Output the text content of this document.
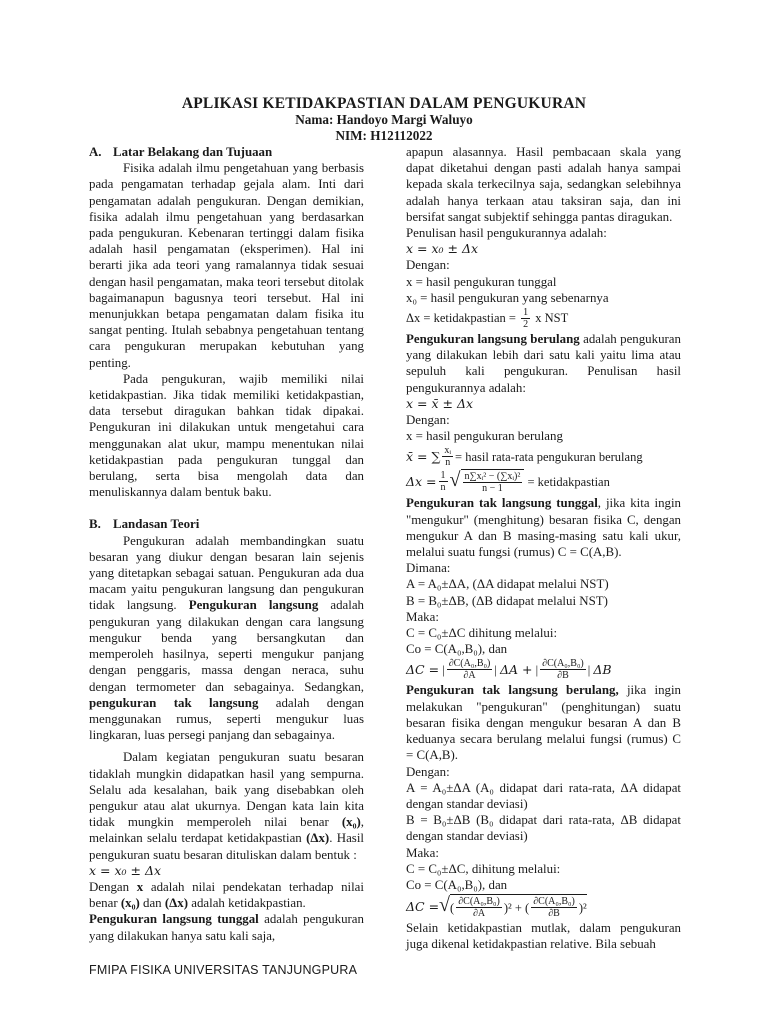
APLIKASI KETIDAKPASTIAN DALAM PENGUKURAN
Nama: Handoyo Margi Waluyo
NIM: H12112022
A. Latar Belakang dan Tujuaan

Fisika adalah ilmu pengetahuan yang berbasis pada pengamatan terhadap gejala alam. Inti dari pengamatan adalah pengukuran. Dengan demikian, fisika adalah ilmu pengetahuan yang berdasarkan pada pengukuran. Kebenaran tertinggi dalam fisika adalah hasil pengamatan (eksperimen). Hal ini berarti jika ada teori yang ramalannya tidak sesuai dengan hasil pengamatan, maka teori tersebut ditolak bagaimanapun bagusnya teori tersebut. Hal ini menunjukkan betapa pengamatan dalam fisika itu sangat penting. Itulah sebabnya pengetahuan tentang cara pengukuran merupakan kebutuhan yang penting.

Pada pengukuran, wajib memiliki nilai ketidakpastian. Jika tidak memiliki ketidakpastian, data tersebut diragukan bahkan tidak dipakai. Pengukuran ini dilakukan untuk mengetahui cara menggunakan alat ukur, mampu menentukan nilai ketidakpastian pada pengukuran tunggal dan berulang, serta bisa mengolah data dan menuliskannya dalam bentuk baku.

B. Landasan Teori

Pengukuran adalah membandingkan suatu besaran yang diukur dengan besaran lain sejenis yang ditetapkan sebagai satuan. Pengukuran ada dua macam yaitu pengukuran langsung dan pengukuran tidak langsung. Pengukuran langsung adalah pengukuran yang dilakukan dengan cara langsung mengukur benda yang bersangkutan dan memperoleh hasilnya, seperti mengukur panjang dengan penggaris, massa dengan neraca, suhu dengan termometer dan sebagainya. Sedangkan, pengukuran tak langsung adalah dengan menggunakan rumus, seperti mengukur luas lingkaran, luas persegi panjang dan sebagainya.

Dalam kegiatan pengukuran suatu besaran tidaklah mungkin didapatkan hasil yang sempurna. Selalu ada kesalahan, baik yang disebabkan oleh pengukur atau alat ukurnya. Dengan kata lain kita tidak mungkin memperoleh nilai benar (x₀), melainkan selalu terdapat ketidakpastian (Δx). Hasil pengukuran suatu besaran dituliskan dalam bentuk :

x = x₀ ± Δx

Dengan x adalah nilai pendekatan terhadap nilai benar (x₀) dan (Δx) adalah ketidakpastian.

Pengukuran langsung tunggal adalah pengukuran yang dilakukan hanya satu kali saja,

apapun alasannya. Hasil pembacaan skala yang dapat diketahui dengan pasti adalah hanya sampai kepada skala terkecilnya saja, sedangkan selebihnya adalah hanya terkaan atau taksiran saja, dan ini bersifat sangat subjektif sehingga pantas diragukan.

Penulisan hasil pengukurannya adalah:

x = x₀ ± Δx
Dengan:
x = hasil pengukuran tunggal
x₀ = hasil pengukuran yang sebenarnya
Δx = ketidakpastian =
$\frac{1}{2}$
x NST

Pengukuran langsung berulang adalah pengukuran yang dilakukan lebih dari satu kali yaitu lima atau sepuluh kali pengukuran. Penulisan hasil pengukurannya adalah:

x = x̄ ± Δx
Dengan:
x = hasil pengukuran berulang
x̄ = ∑ $\frac{\text{xᵢ}}{n}$ = hasil rata-rata pengukuran berulang
$\Delta x = \frac{1}{n}$ √ $\frac{\text{n∑xᵢ² − (∑xᵢ)²}}{n - 1}$
= ketidakpastian

Pengukuran tak langsung tunggal, jika kita ingin "mengukur" (menghitung) besaran fisika C, dengan mengukur A dan B masing-masing satu kali ukur, melalui suatu fungsi (rumus) C = C(A,B).

Dimana:
A = A₀±ΔA, (ΔA didapat melalui NST)
B = B₀±ΔB, (ΔB didapat melalui NST)
Maka:
C = C₀±ΔC dihitung melalui:
Co = C(A₀,B₀), dan
ΔC = | $\frac{\text{∂C(A₀,B₀)}}{\partial A}$ | ΔA + | $\frac{\text{∂C(A₀,B₀)}}{\partial B}$ | ΔB

Pengukuran tak langsung berulang, jika ingin melakukan "pengukuran" (penghitungan) suatu besaran fisika dengan mengukur besaran A dan B keduanya secara berulang melalui fungsi (rumus) C = C(A,B).

Dengan:

A = A₀±ΔA (A₀ didapat dari rata-rata, ΔA didapat dengan standar deviasi)

B = B₀±ΔB (B₀ didapat dari rata-rata, ΔB didapat dengan standar deviasi)

Maka:
C = C₀±ΔC, dihitung melalui:
Co = C(A₀,B₀), dan
ΔC = √ ( $\frac{\text{∂C(A₀,B₀)}}{\partial A} )^2$ + ( $\frac{\text{∂C(A₀,B₀)}}{\partial B} )^2$

Selain ketidakpastian mutlak, dalam pengukuran juga dikenal ketidakpastian relative. Bila sebuah

FMIPA FISIKA UNIVERSITAS TANJUNGPURA
